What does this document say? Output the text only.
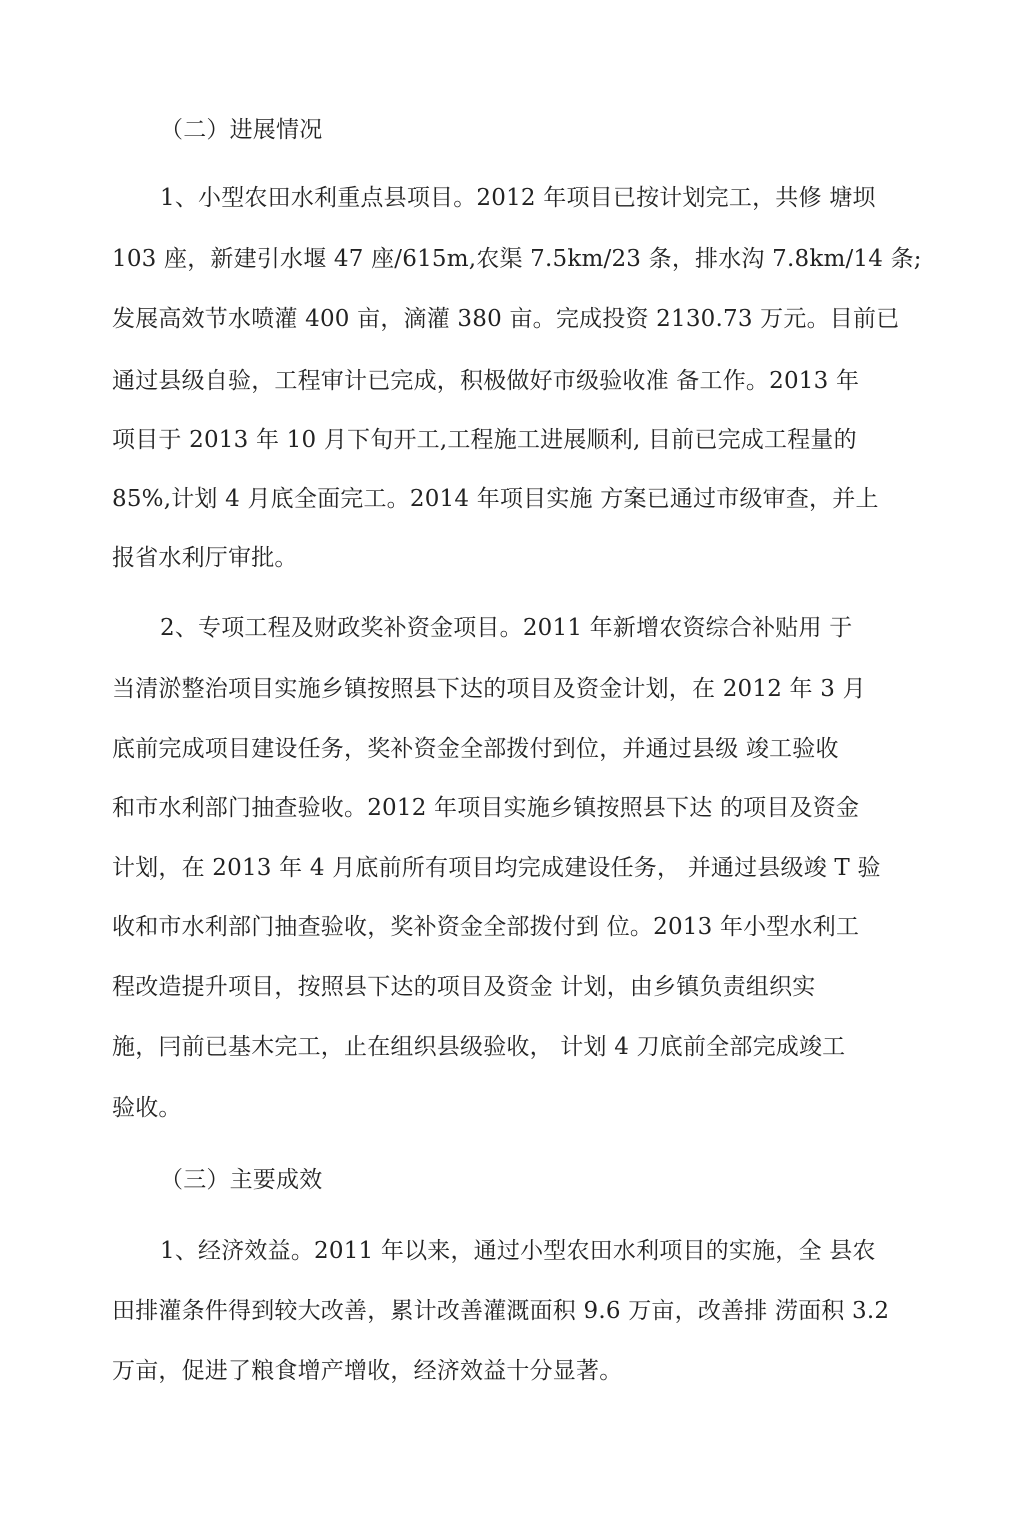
（二）进展情况
1、小型农田水利重点县项目。2012 年项目已按计划完工，共修 塘坝
103 座，新建引水堰 47 座/615m,农渠 7.5km/23 条，排水沟 7.8km/14 条;
发展高效节水喷灌 400 亩，滴灌 380 亩。完成投资 2130.73 万元。目前已
通过县级自验，工程审计已完成，积极做好市级验收准 备工作。2013 年
项目于 2013 年 10 月下旬开工,工程施工进展顺利, 目前已完成工程量的
85%,计划 4 月底全面完工。2014 年项目实施 方案已通过市级审查，并上
报省水利厅审批。
2、专项工程及财政奖补资金项目。2011 年新增农资综合补贴用 于
当清淤整治项目实施乡镇按照县下达的项目及资金计划，在 2012 年 3 月
底前完成项目建设任务，奖补资金全部拨付到位，并通过县级 竣工验收
和市水利部门抽查验收。2012 年项目实施乡镇按照县下达 的项目及资金
计划，在 2013 年 4 月底前所有项目均完成建设任务， 并通过县级竣 T 验
收和市水利部门抽查验收，奖补资金全部拨付到 位。2013 年小型水利工
程改造提升项目，按照县下达的项目及资金 计划，由乡镇负责组织实
施，冃前已基木完工，止在组织县级验收， 计划 4 刀底前全部完成竣工
验收。
（三）主要成效
1、经济效益。2011 年以来，通过小型农田水利项目的实施，全 县农
田排灌条件得到较大改善，累计改善灌溉面积 9.6 万亩，改善排 涝面积 3.2
万亩，促进了粮食增产增收，经济效益十分显著。
